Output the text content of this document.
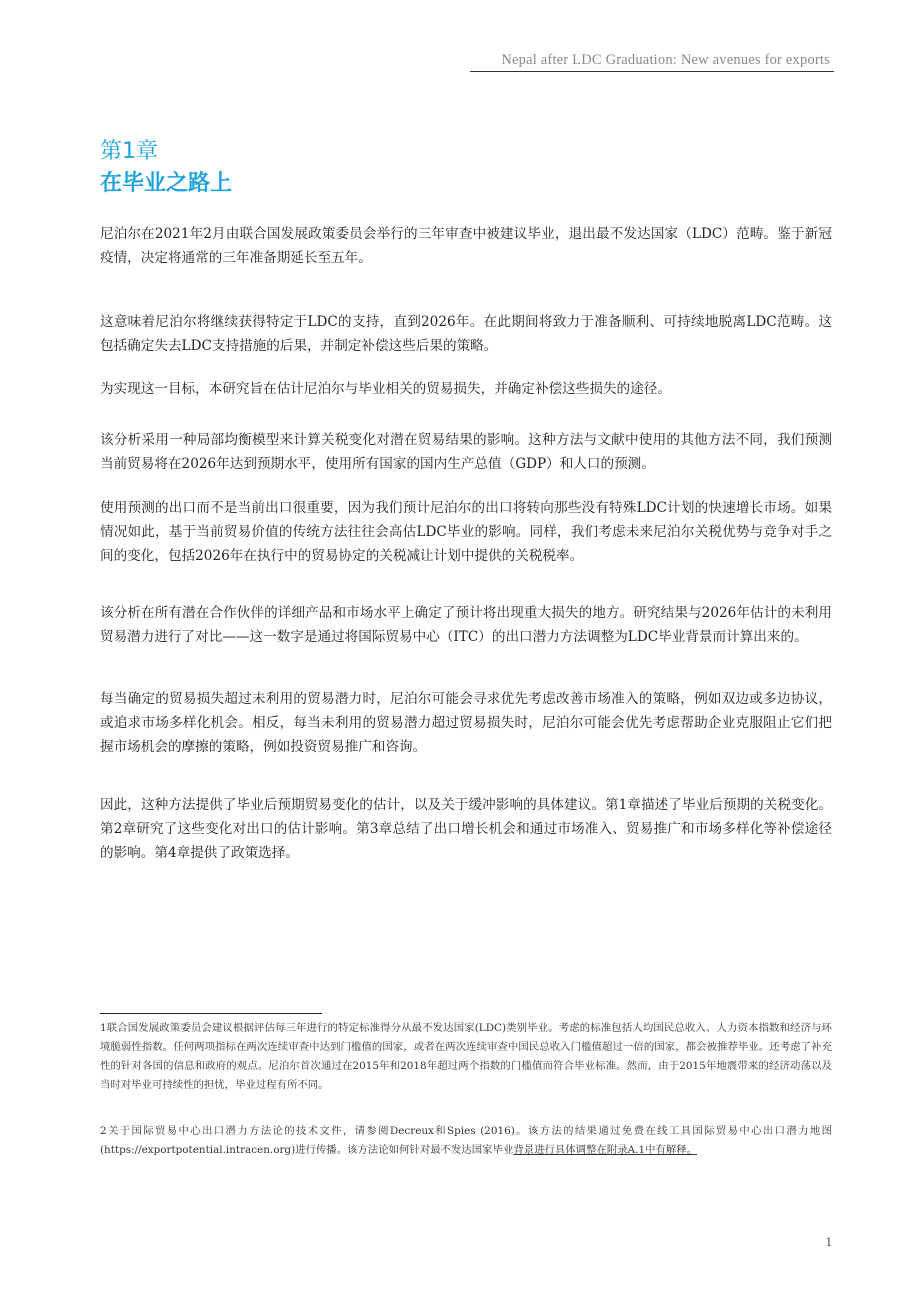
Nepal after LDC Graduation: New avenues for exports
第1章
在毕业之路上

尼泊尔在2021年2月由联合国发展政策委员会举行的三年审查中被建议毕业，退出最不发达国家（LDC）范畴。鉴于新冠疫情，决定将通常的三年准备期延长至五年。

这意味着尼泊尔将继续获得特定于LDC的支持，直到2026年。在此期间将致力于准备顺利、可持续地脱离LDC范畴。这包括确定失去LDC支持措施的后果，并制定补偿这些后果的策略。

为实现这一目标，本研究旨在估计尼泊尔与毕业相关的贸易损失，并确定补偿这些损失的途径。

该分析采用一种局部均衡模型来计算关税变化对潜在贸易结果的影响。这种方法与文献中使用的其他方法不同，我们预测当前贸易将在2026年达到预期水平，使用所有国家的国内生产总值（GDP）和人口的预测。

使用预测的出口而不是当前出口很重要，因为我们预计尼泊尔的出口将转向那些没有特殊LDC计划的快速增长市场。如果情况如此，基于当前贸易价值的传统方法往往会高估LDC毕业的影响。同样，我们考虑未来尼泊尔关税优势与竞争对手之间的变化，包括2026年在执行中的贸易协定的关税减让计划中提供的关税税率。

该分析在所有潜在合作伙伴的详细产品和市场水平上确定了预计将出现重大损失的地方。研究结果与2026年估计的未利用贸易潜力进行了对比——这一数字是通过将国际贸易中心（ITC）的出口潜力方法调整为LDC毕业背景而计算出来的。

每当确定的贸易损失超过未利用的贸易潜力时，尼泊尔可能会寻求优先考虑改善市场准入的策略，例如双边或多边协议，或追求市场多样化机会。相反，每当未利用的贸易潜力超过贸易损失时，尼泊尔可能会优先考虑帮助企业克服阻止它们把握市场机会的摩擦的策略，例如投资贸易推广和咨询。

因此，这种方法提供了毕业后预期贸易变化的估计，以及关于缓冲影响的具体建议。第1章描述了毕业后预期的关税变化。第2章研究了这些变化对出口的估计影响。第3章总结了出口增长机会和通过市场准入、贸易推广和市场多样化等补偿途径的影响。第4章提供了政策选择。

1联合国发展政策委员会建议根据评估每三年进行的特定标准得分从最不发达国家(LDC)类别毕业。考虑的标准包括人均国民总收入、人力资本指数和经济与环境脆弱性指数。任何两项指标在两次连续审查中达到门槛值的国家，或者在两次连续审查中国民总收入门槛值超过一倍的国家，都会被推荐毕业。还考虑了补充性的针对各国的信息和政府的观点。尼泊尔首次通过在2015年和2018年超过两个指数的门槛值而符合毕业标准。然而，由于2015年地震带来的经济动荡以及当时对毕业可持续性的担忧，毕业过程有所不同。

2关于国际贸易中心出口潜力方法论的技术文件，请参阅Decreux和Spies (2016)。该方法的结果通过免费在线工具国际贸易中心出口潜力地图(https://exportpotential.intracen.org)进行传播。该方法论如何针对最不发达国家毕业背景进行具体调整在附录A.1中有解释。

1
